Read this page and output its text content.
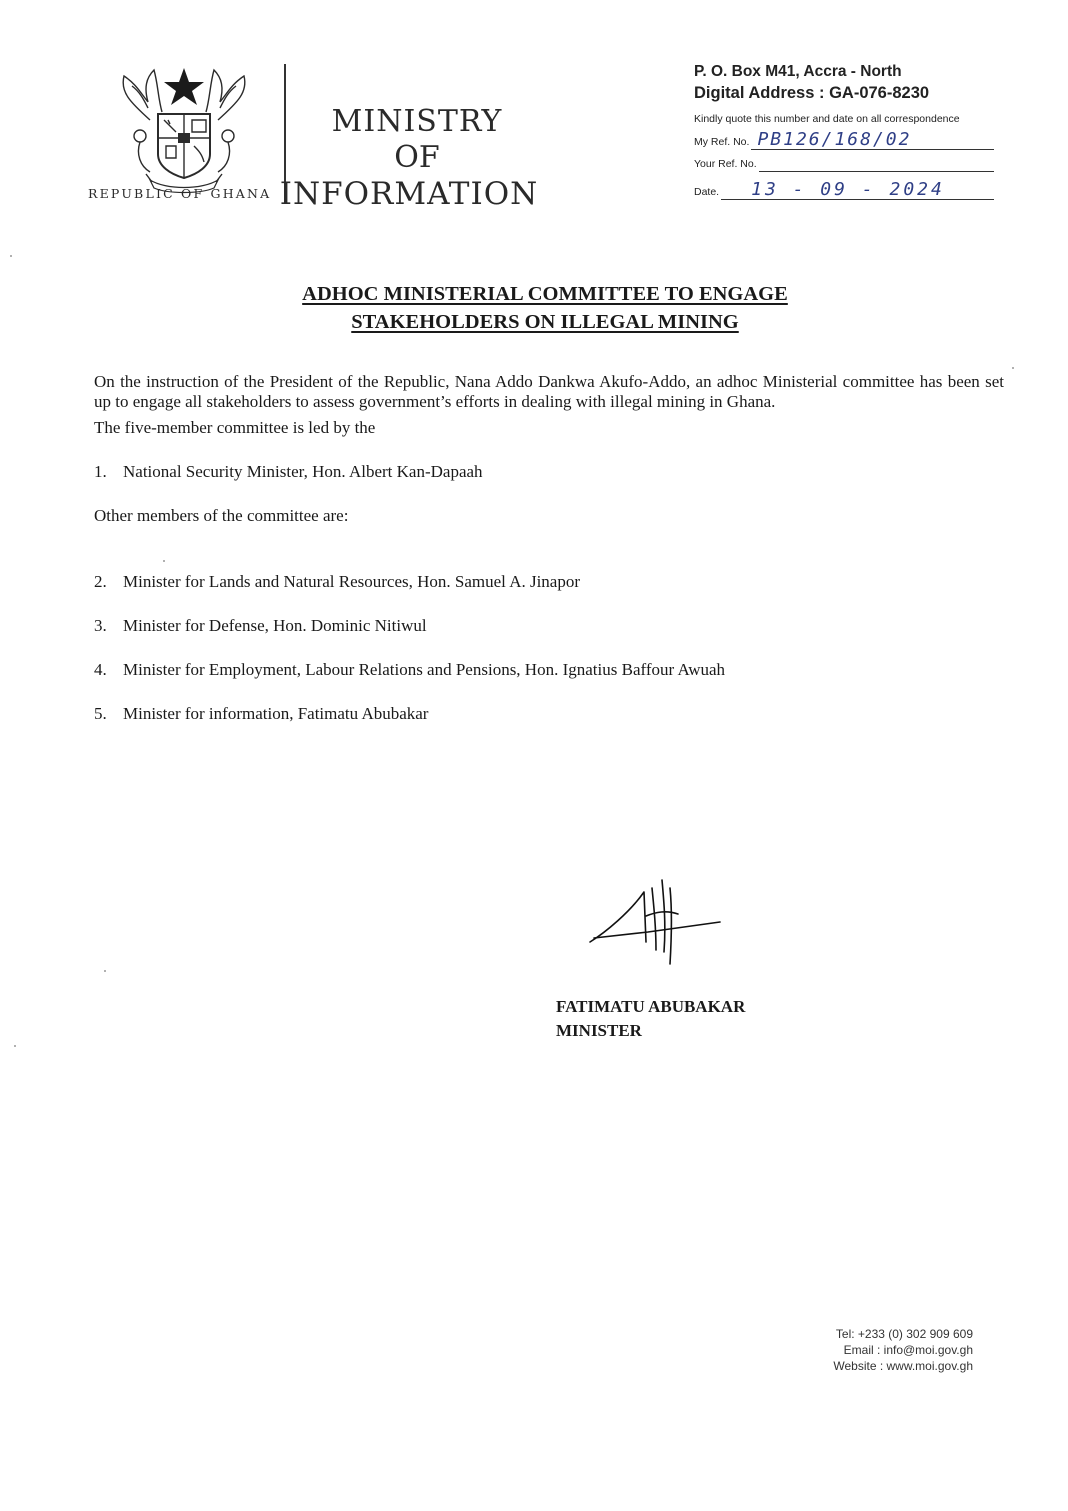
REPUBLIC OF GHANA
MINISTRY
OF
INFORMATION
P. O. Box M41, Accra - North
Digital Address : GA-076-8230
Kindly quote this number and date on all correspondence
My Ref. No. PB126/168/02
Your Ref. No.
Date. 13 - 09 - 2024
ADHOC MINISTERIAL COMMITTEE TO ENGAGE
STAKEHOLDERS ON ILLEGAL MINING

On the instruction of the President of the Republic, Nana Addo Dankwa Akufo-Addo, an adhoc Ministerial committee has been set up to engage all stakeholders to assess government’s efforts in dealing with illegal mining in Ghana.

The five-member committee is led by the

1. National Security Minister, Hon. Albert Kan-Dapaah

Other members of the committee are:

2. Minister for Lands and Natural Resources, Hon. Samuel A. Jinapor
3. Minister for Defense, Hon. Dominic Nitiwul
4. Minister for Employment, Labour Relations and Pensions, Hon. Ignatius Baffour Awuah
5. Minister for information, Fatimatu Abubakar
FATIMATU ABUBAKAR
MINISTER
Tel: +233 (0) 302 909 609
Email : info@moi.gov.gh
Website : www.moi.gov.gh
